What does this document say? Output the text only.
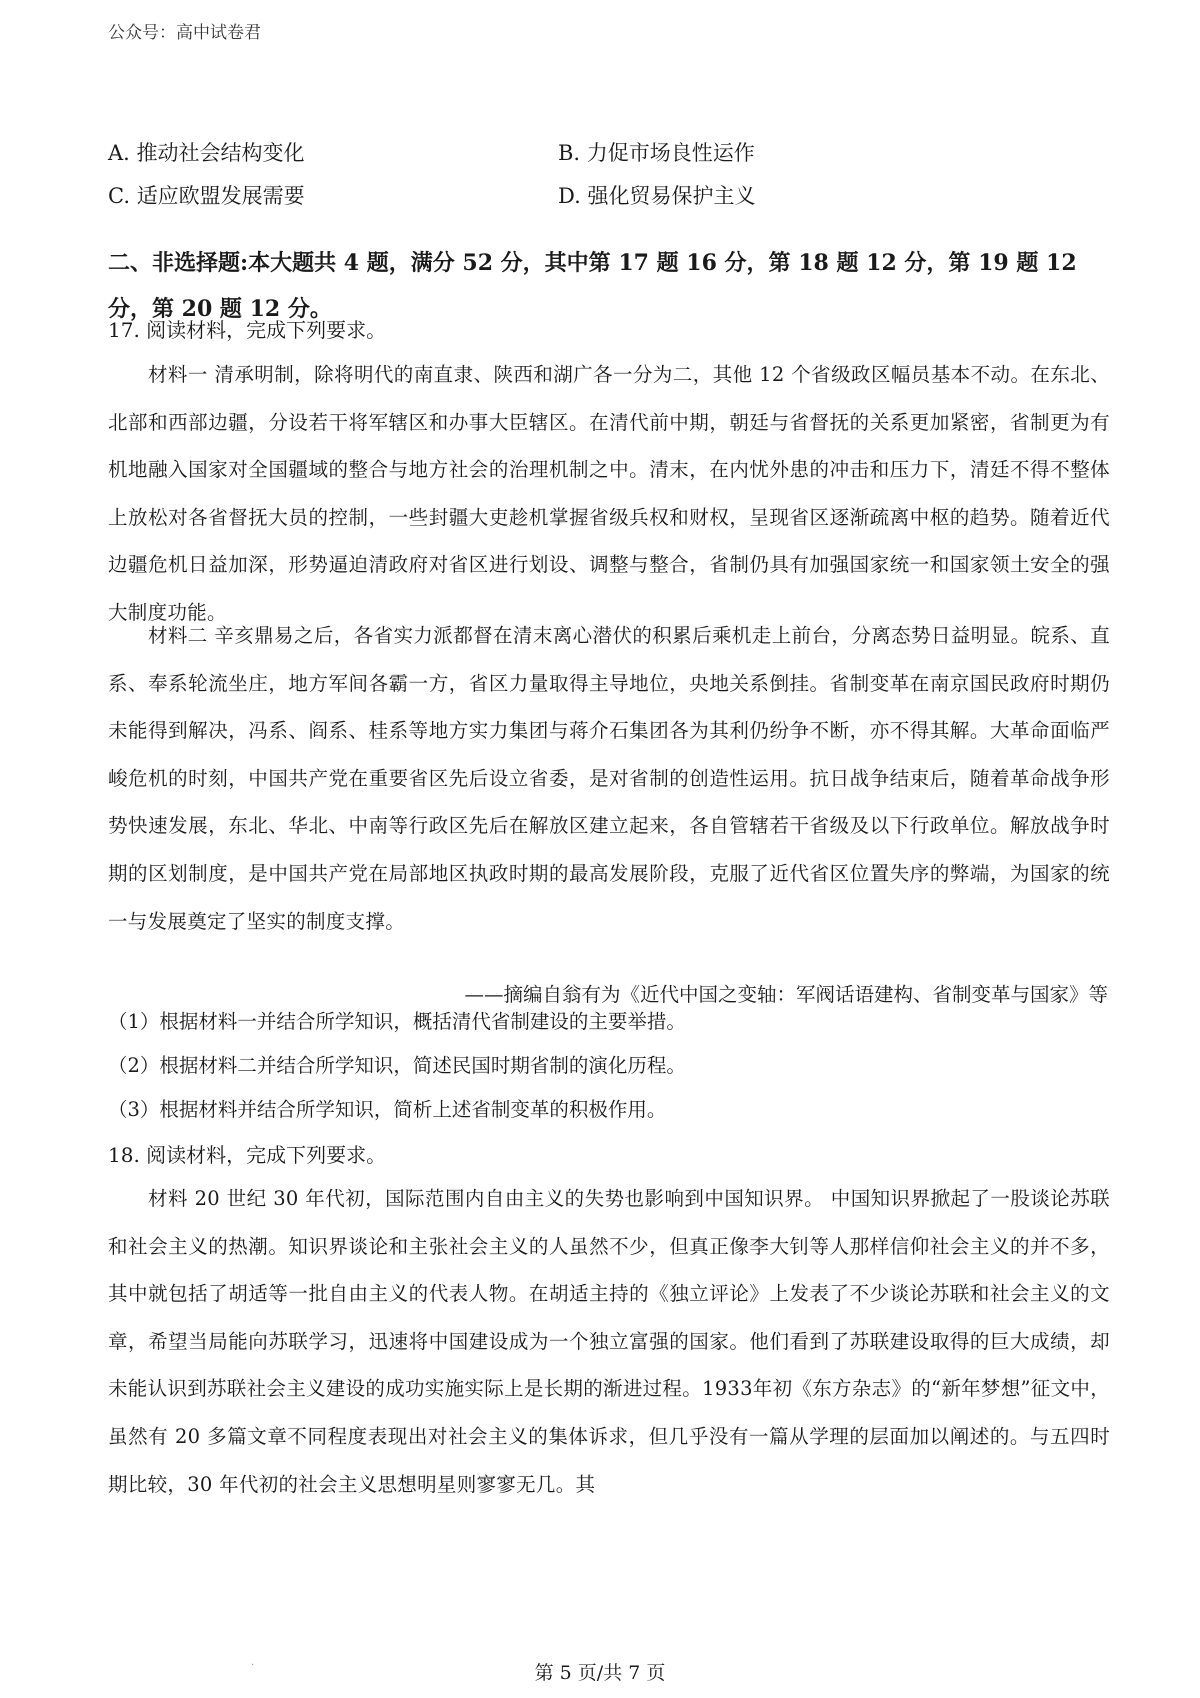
公众号：高中试卷君
A. 推动社会结构变化	B. 力促市场良性运作
C. 适应欧盟发展需要	D. 强化贸易保护主义
二、非选择题:本大题共 4 题，满分 52 分，其中第 17 题 16 分，第 18 题 12 分，第 19 题 12 分，第 20 题 12 分。
17. 阅读材料，完成下列要求。

材料一 清承明制，除将明代的南直隶、陕西和湖广各一分为二，其他 12 个省级政区幅员基本不动。在东北、北部和西部边疆，分设若干将军辖区和办事大臣辖区。在清代前中期，朝廷与省督抚的关系更加紧密，省制更为有机地融入国家对全国疆域的整合与地方社会的治理机制之中。清末，在内忧外患的冲击和压力下，清廷不得不整体上放松对各省督抚大员的控制，一些封疆大吏趁机掌握省级兵权和财权，呈现省区逐渐疏离中枢的趋势。随着近代边疆危机日益加深，形势逼迫清政府对省区进行划设、调整与整合，省制仍具有加强国家统一和国家领土安全的强大制度功能。

材料二 辛亥鼎易之后，各省实力派都督在清末离心潜伏的积累后乘机走上前台，分离态势日益明显。皖系、直系、奉系轮流坐庄，地方军间各霸一方，省区力量取得主导地位，央地关系倒挂。省制变革在南京国民政府时期仍未能得到解决，冯系、阎系、桂系等地方实力集团与蒋介石集团各为其利仍纷争不断，亦不得其解。大革命面临严峻危机的时刻，中国共产党在重要省区先后设立省委，是对省制的创造性运用。抗日战争结束后，随着革命战争形势快速发展，东北、华北、中南等行政区先后在解放区建立起来，各自管辖若干省级及以下行政单位。解放战争时期的区划制度，是中国共产党在局部地区执政时期的最高发展阶段，克服了近代省区位置失序的弊端，为国家的统一与发展奠定了坚实的制度支撑。

——摘编自翁有为《近代中国之变轴：军阀话语建构、省制变革与国家》等
（1）根据材料一并结合所学知识，概括清代省制建设的主要举措。
（2）根据材料二并结合所学知识，简述民国时期省制的演化历程。
（3）根据材料并结合所学知识，简析上述省制变革的积极作用。
18. 阅读材料，完成下列要求。

材料 20 世纪 30 年代初，国际范围内自由主义的失势也影响到中国知识界。 中国知识界掀起了一股谈论苏联和社会主义的热潮。知识界谈论和主张社会主义的人虽然不少，但真正像李大钊等人那样信仰社会主义的并不多，其中就包括了胡适等一批自由主义的代表人物。在胡适主持的《独立评论》上发表了不少谈论苏联和社会主义的文章，希望当局能向苏联学习，迅速将中国建设成为一个独立富强的国家。他们看到了苏联建设取得的巨大成绩，却未能认识到苏联社会主义建设的成功实施实际上是长期的渐进过程。1933年初《东方杂志》的“新年梦想”征文中，虽然有 20 多篇文章不同程度表现出对社会主义的集体诉求，但几乎没有一篇从学理的层面加以阐述的。与五四时期比较，30 年代初的社会主义思想明星则寥寥无几。其

·	第 5 页/共 7 页
